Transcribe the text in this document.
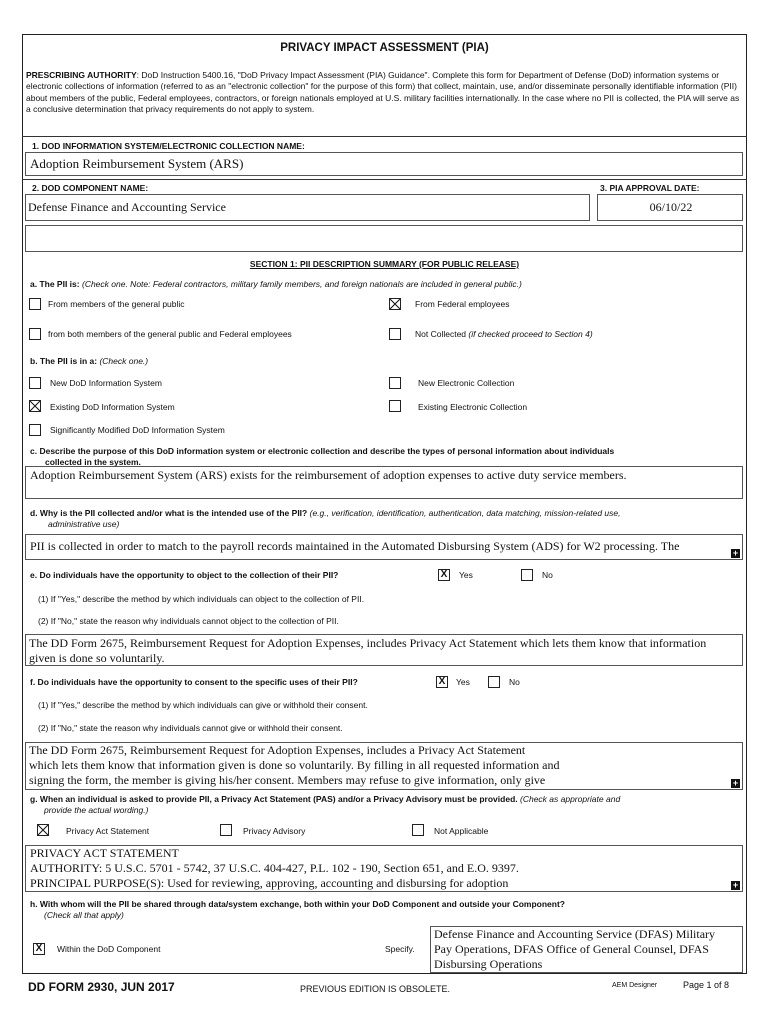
PRIVACY IMPACT ASSESSMENT (PIA)
PRESCRIBING AUTHORITY: DoD Instruction 5400.16, "DoD Privacy Impact Assessment (PIA) Guidance". Complete this form for Department of Defense (DoD) information systems or electronic collections of information (referred to as an "electronic collection" for the purpose of this form) that collect, maintain, use, and/or disseminate personally identifiable information (PII) about members of the public, Federal employees, contractors, or foreign nationals employed at U.S. military facilities internationally. In the case where no PII is collected, the PIA will serve as a conclusive determination that privacy requirements do not apply to system.
1. DOD INFORMATION SYSTEM/ELECTRONIC COLLECTION NAME:
Adoption Reimbursement System (ARS)
2. DOD COMPONENT NAME:	3. PIA APPROVAL DATE:
Defense Finance and Accounting Service	06/10/22
SECTION 1: PII DESCRIPTION SUMMARY (FOR PUBLIC RELEASE)
a. The PII is: (Check one. Note: Federal contractors, military family members, and foreign nationals are included in general public.)
From members of the general public	From Federal employees
from both members of the general public and Federal employees	Not Collected (if checked proceed to Section 4)
b. The PII is in a: (Check one.)
New DoD Information System	New Electronic Collection
Existing DoD Information System	Existing Electronic Collection
Significantly Modified DoD Information System
c. Describe the purpose of this DoD information system or electronic collection and describe the types of personal information about individuals
collected in the system.
Adoption Reimbursement System (ARS) exists for the reimbursement of adoption expenses to active duty service members.
d. Why is the PII collected and/or what is the intended use of the PII? (e.g., verification, identification, authentication, data matching, mission-related use,
administrative use)
PII is collected in order to match to the payroll records maintained in the Automated Disbursing System (ADS) for W2 processing. The	+
e. Do individuals have the opportunity to object to the collection of their PII?	X	Yes	No
(1) If "Yes," describe the method by which individuals can object to the collection of PII.
(2) If "No," state the reason why individuals cannot object to the collection of PII.
The DD Form 2675, Reimbursement Request for Adoption Expenses, includes Privacy Act Statement which lets them know that information
given is done so voluntarily.
f. Do individuals have the opportunity to consent to the specific uses of their PII?	X	Yes	No
(1) If "Yes," describe the method by which individuals can give or withhold their consent.
(2) If "No," state the reason why individuals cannot give or withhold their consent.
The DD Form 2675, Reimbursement Request for Adoption Expenses, includes a Privacy Act Statement
which lets them know that information given is done so voluntarily. By filling in all requested information and
signing the form, the member is giving his/her consent. Members may refuse to give information, only give	+
g. When an individual is asked to provide PII, a Privacy Act Statement (PAS) and/or a Privacy Advisory must be provided. (Check as appropriate and
provide the actual wording.)
Privacy Act Statement	Privacy Advisory	Not Applicable
PRIVACY ACT STATEMENT
AUTHORITY: 5 U.S.C. 5701 - 5742, 37 U.S.C. 404-427, P.L. 102 - 190, Section 651, and E.O. 9397.
PRINCIPAL PURPOSE(S): Used for reviewing, approving, accounting and disbursing for adoption	+
h. With whom will the PII be shared through data/system exchange, both within your DoD Component and outside your Component?
(Check all that apply)
X	Within the DoD Component	Specify.
Defense Finance and Accounting Service (DFAS) Military
Pay Operations, DFAS Office of General Counsel, DFAS
Disbursing Operations
DD FORM 2930, JUN 2017	PREVIOUS EDITION IS OBSOLETE.	AEM Designer	Page 1 of 8
